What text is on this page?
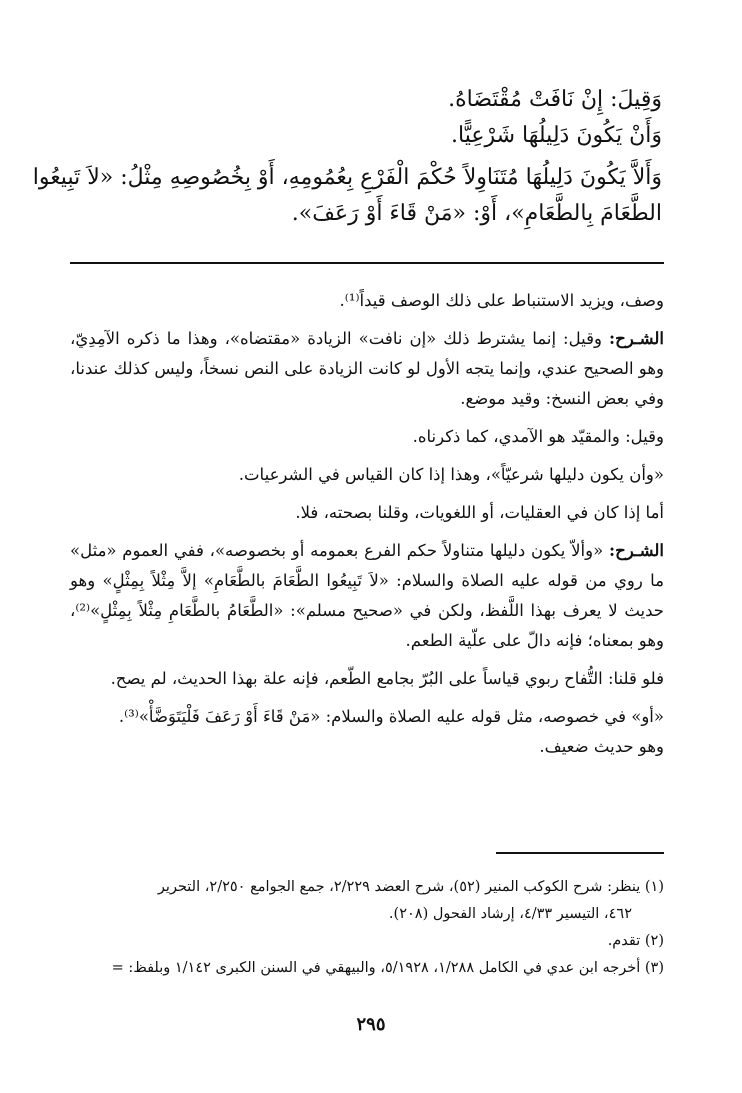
وَقِيلَ: إِنْ نَافَتْ مُقْتَضَاهُ.
وَأَنْ يَكُونَ دَلِيلُهَا شَرْعِيًّا.
وَأَلاَّ يَكُونَ دَلِيلُهَا مُتَنَاوِلاً حُكْمَ الْفَرْعِ بِعُمُومِهِ، أَوْ بِخُصُوصِهِ مِثْلُ: «لاَ تَبِيعُوا
الطَّعَامَ بِالطَّعَامِ»، أَوْ: «مَنْ قَاءَ أَوْ رَعَفَ».

وصف، ويزيد الاستنباط على ذلك الوصف قيداً⁽¹⁾.

الشـرح: وقيل: إنما يشترط ذلك «إن نافت» الزيادة «مقتضاه»، وهذا ما ذكره الآمِدِيّ، وهو الصحيح عندي، وإنما يتجه الأول لو كانت الزيادة على النص نسخاً، وليس كذلك عندنا، وفي بعض النسخ: وقيد موضع.

وقيل: والمقيّد هو الآمدي، كما ذكرناه.

«وأن يكون دليلها شرعيّاً»، وهذا إذا كان القياس في الشرعيات.

أما إذا كان في العقليات، أو اللغويات، وقلنا بصحته، فلا.

الشـرح: «وألاّ يكون دليلها متناولاً حكم الفرع بعمومه أو بخصوصه»، ففي العموم «مثل» ما روي من قوله عليه الصلاة والسلام: «لاَ تَبِيعُوا الطَّعَامَ بالطَّعَامِ» إلاَّ مِثْلاً بِمِثْلٍ» وهو حديث لا يعرف بهذا اللَّفظ، ولكن في «صحيح مسلم»: «الطَّعَامُ بالطَّعَامِ مِثْلاً بِمِثْلٍ»⁽²⁾، وهو بمعناه؛ فإنه دالّ على علّية الطعم.

فلو قلنا: التُّفاح ربوي قياساً على البُرّ بجامع الطّعم، فإنه علة بهذا الحديث، لم يصح.

«أو» في خصوصه، مثل قوله عليه الصلاة والسلام: «مَنْ قَاءَ أَوْ رَعَفَ فَلْيَتَوَضَّأْ»⁽³⁾.

وهو حديث ضعيف.

(١) ينظر: شرح الكوكب المنير (٥٢)، شرح العضد ٢/٢٢٩، جمع الجوامع ٢/٢٥٠، التحرير
٤٦٢، التيسير ٤/٣٣، إرشاد الفحول (٢٠٨).
(٢) تقدم.
(٣) أخرجه ابن عدي في الكامل ١/٢٨٨، ٥/١٩٢٨، والبيهقي في السنن الكبرى ١/١٤٢ وبلفظ: =
٢٩٥
